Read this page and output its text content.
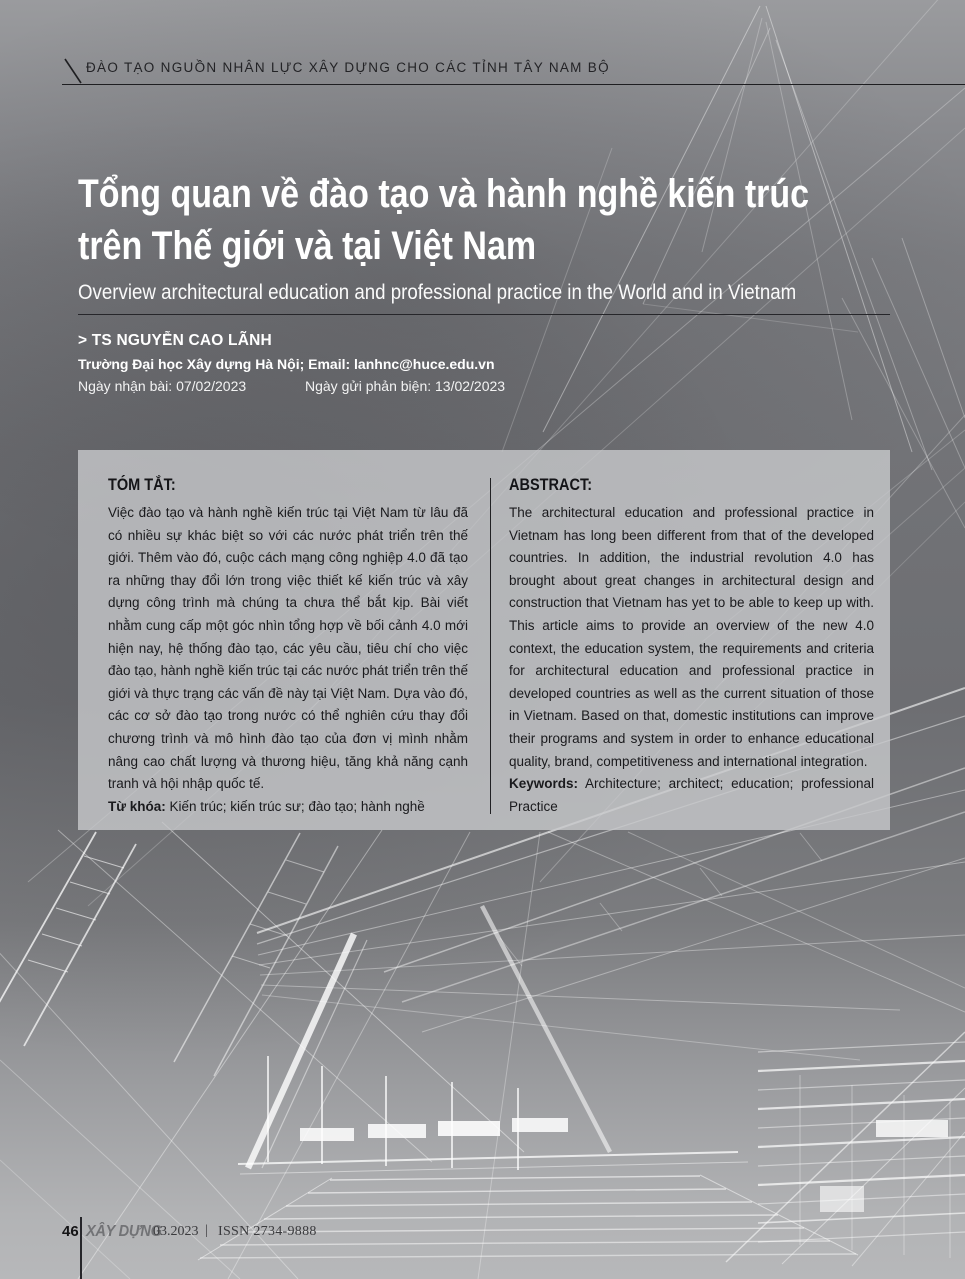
ĐÀO TẠO NGUỒN NHÂN LỰC XÂY DỰNG CHO CÁC TỈNH TÂY NAM BỘ
Tổng quan về đào tạo và hành nghề kiến trúc
trên Thế giới và tại Việt Nam
Overview architectural education and professional practice in the World and in Vietnam
> TS NGUYỄN CAO LÃNH
Trường Đại học Xây dựng Hà Nội; Email: lanhnc@huce.edu.vn
Ngày nhận bài: 07/02/2023	Ngày gửi phản biện: 13/02/2023

TÓM TẮT:

Việc đào tạo và hành nghề kiến trúc tại Việt Nam từ lâu đã có nhiều sự khác biệt so với các nước phát triển trên thế giới. Thêm vào đó, cuộc cách mạng công nghiệp 4.0 đã tạo ra những thay đổi lớn trong việc thiết kế kiến trúc và xây dựng công trình mà chúng ta chưa thể bắt kịp. Bài viết nhằm cung cấp một góc nhìn tổng hợp về bối cảnh 4.0 mới hiện nay, hệ thống đào tạo, các yêu cầu, tiêu chí cho việc đào tạo, hành nghề kiến trúc tại các nước phát triển trên thế giới và thực trạng các vấn đề này tại Việt Nam. Dựa vào đó, các cơ sở đào tạo trong nước có thể nghiên cứu thay đổi chương trình và mô hình đào tạo của đơn vị mình nhằm nâng cao chất lượng và thương hiệu, tăng khả năng cạnh tranh và hội nhập quốc tế.

Từ khóa: Kiến trúc; kiến trúc sư; đào tạo; hành nghề

ABSTRACT:

The architectural education and professional practice in Vietnam has long been different from that of the developed countries. In addition, the industrial revolution 4.0 has brought about great changes in architectural design and construction that Vietnam has yet to be able to keep up with. This article aims to provide an overview of the new 4.0 context, the education system, the requirements and criteria for architectural education and professional practice in developed countries as well as the current situation of those in Vietnam. Based on that, domestic institutions can improve their programs and system in order to enhance educational quality, brand, competitiveness and international integration.

Keywords: Architecture; architect; education; professional Practice

46 XÂY DỰNG
03.2023 | ISSN 2734-9888
